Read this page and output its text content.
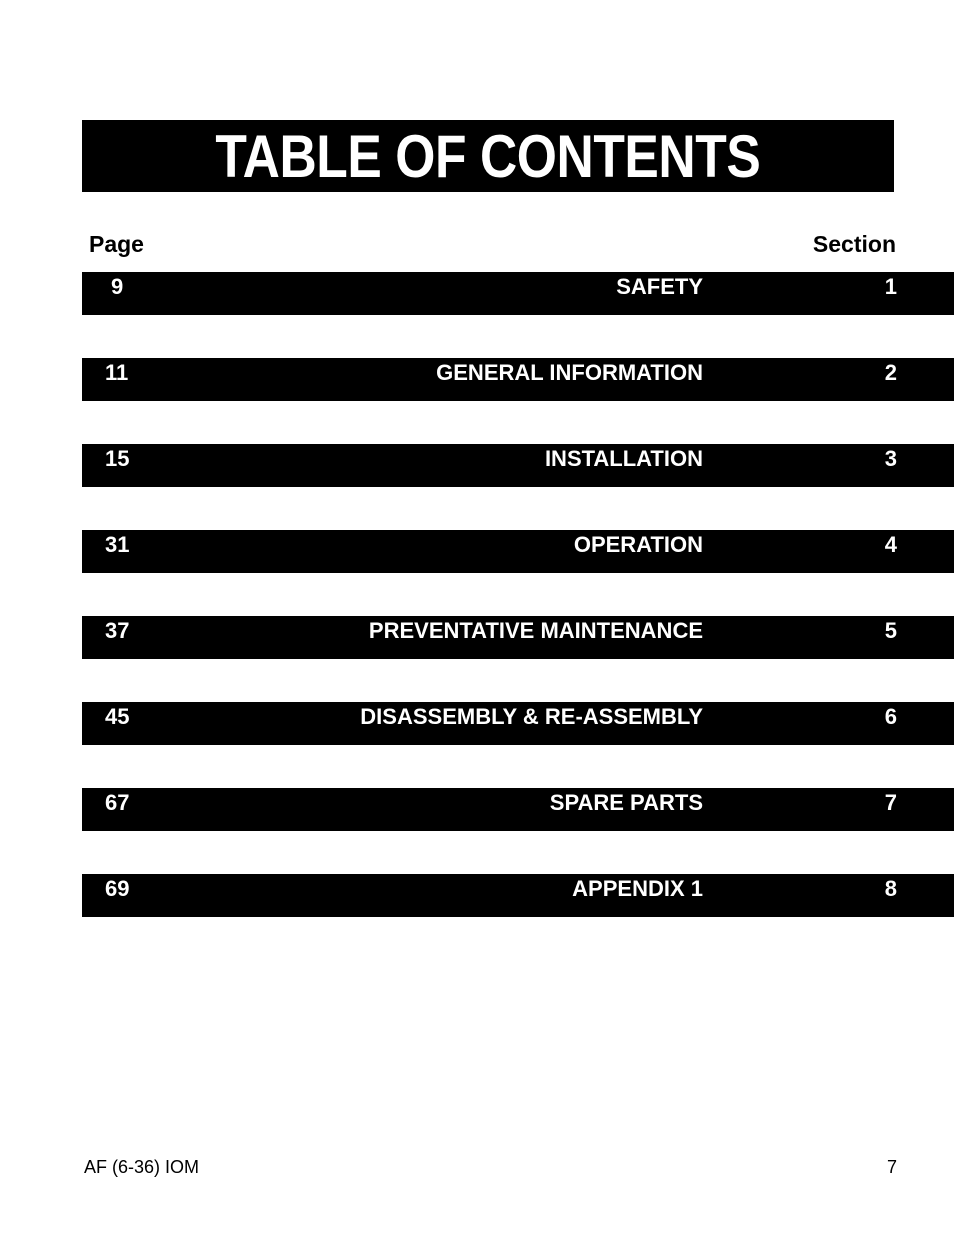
TABLE OF CONTENTS
Page	Section
9	SAFETY	1
11	GENERAL INFORMATION	2
15	INSTALLATION	3
31	OPERATION	4
37	PREVENTATIVE MAINTENANCE	5
45	DISASSEMBLY & RE-ASSEMBLY	6
67	SPARE PARTS	7
69	APPENDIX 1	8
AF (6-36) IOM	7
